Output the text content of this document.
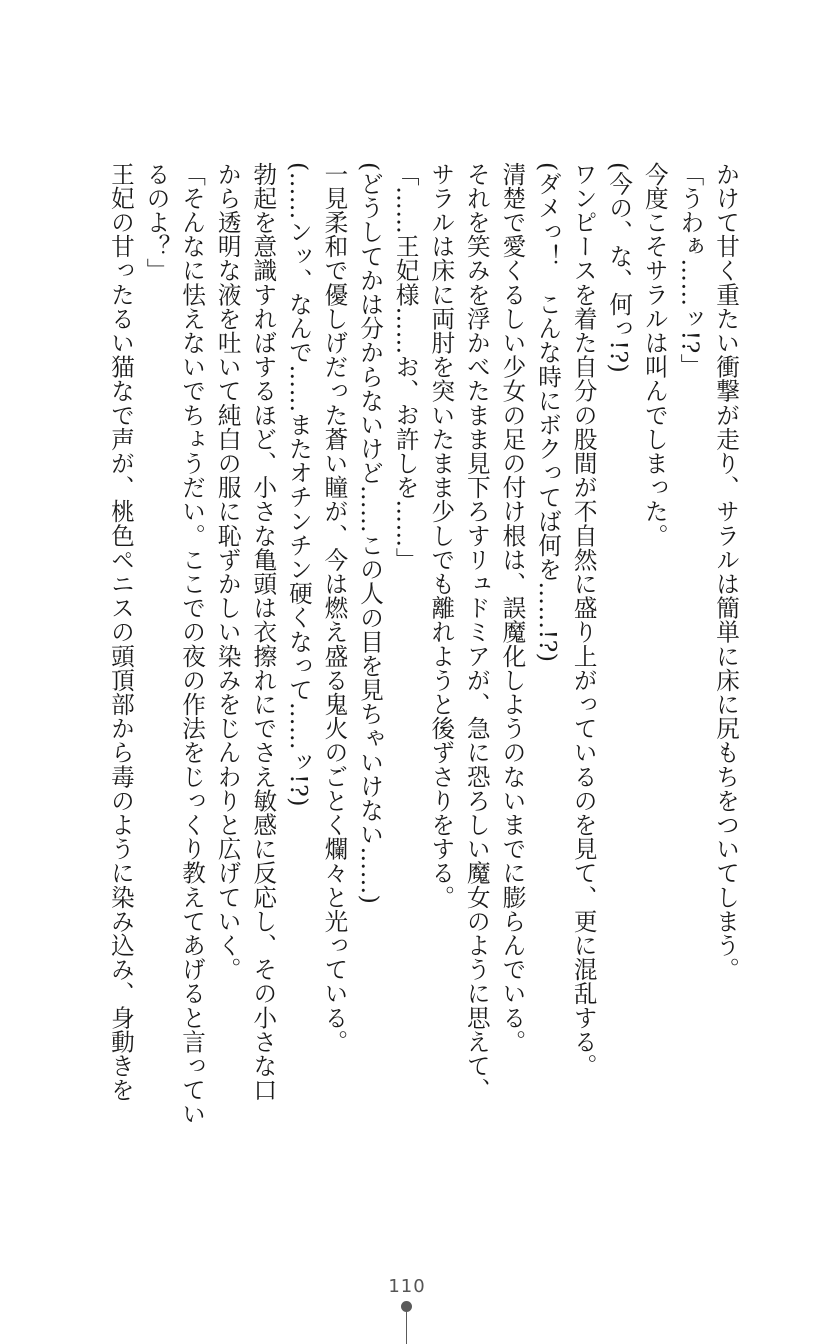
かけて甘く重たい衝撃が走り、サラルは簡単に床に尻もちをついてしまう。

「うわぁ……ッ!?」

今度こそサラルは叫んでしまった。

(今の、な、何っ!?)

ワンピースを着た自分の股間が不自然に盛り上がっているのを見て、更に混乱する。

(ダメっ！　こんな時にボクってば何を……!?)

清楚で愛くるしい少女の足の付け根は、誤魔化しようのないまでに膨らんでいる。

それを笑みを浮かべたまま見下ろすリュドミアが、急に恐ろしい魔女のように思えて、

サラルは床に両肘を突いたまま少しでも離れようと後ずさりをする。

「……王妃様……お、お許しを……」

(どうしてかは分からないけど……この人の目を見ちゃいけない……)

一見柔和で優しげだった蒼い瞳が、今は燃え盛る鬼火のごとく爛々と光っている。

(……ンッ、なんで……またオチンチン硬くなって……ッ!?)

勃起を意識すればするほど、小さな亀頭は衣擦れにでさえ敏感に反応し、その小さな口

から透明な液を吐いて純白の服に恥ずかしい染みをじんわりと広げていく。

「そんなに怯えないでちょうだい。ここでの夜の作法をじっくり教えてあげると言ってい

るのよ？」

王妃の甘ったるい猫なで声が、桃色ペニスの頭頂部から毒のように染み込み、身動きを

110
